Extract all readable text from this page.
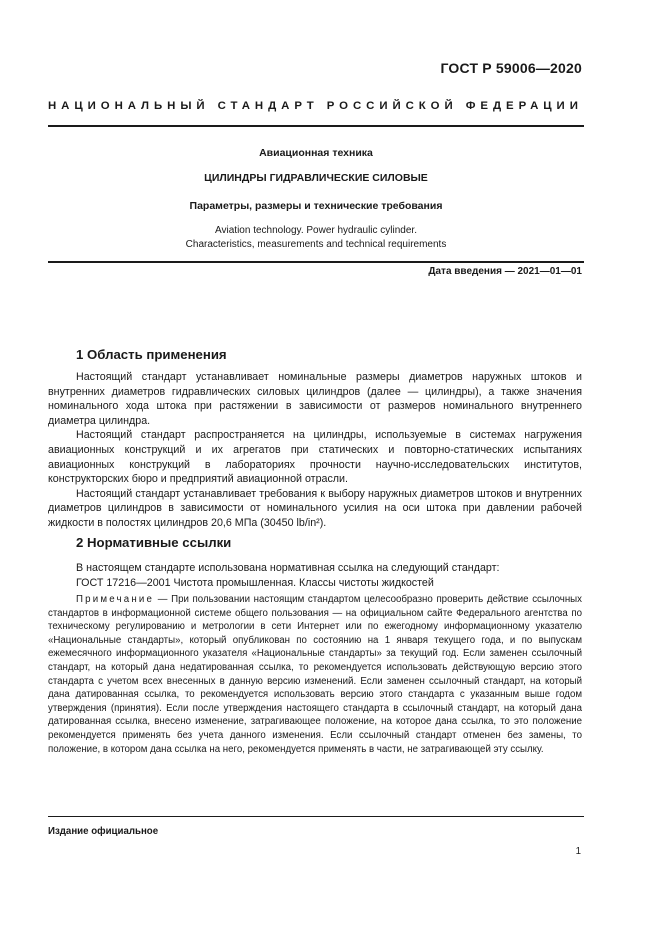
ГОСТ Р 59006—2020
НАЦИОНАЛЬНЫЙ СТАНДАРТ РОССИЙСКОЙ ФЕДЕРАЦИИ
Авиационная техника
ЦИЛИНДРЫ ГИДРАВЛИЧЕСКИЕ СИЛОВЫЕ
Параметры, размеры и технические требования
Aviation technology. Power hydraulic cylinder.
Characteristics, measurements and technical requirements
Дата введения — 2021—01—01
1 Область применения

Настоящий стандарт устанавливает номинальные размеры диаметров наружных штоков и внутренних диаметров гидравлических силовых цилиндров (далее — цилиндры), а также значения номинального хода штока при растяжении в зависимости от размеров номинального внутреннего диаметра цилиндра.

Настоящий стандарт распространяется на цилиндры, используемые в системах нагружения авиационных конструкций и их агрегатов при статических и повторно-статических испытаниях авиационных конструкций в лабораториях прочности научно-исследовательских институтов, конструкторских бюро и предприятий авиационной отрасли.

Настоящий стандарт устанавливает требования к выбору наружных диаметров штоков и внутренних диаметров цилиндров в зависимости от номинального усилия на оси штока при давлении рабочей жидкости в полостях цилиндров 20,6 МПа (30450 lb/in²).

2 Нормативные ссылки

В настоящем стандарте использована нормативная ссылка на следующий стандарт:

ГОСТ 17216—2001 Чистота промышленная. Классы чистоты жидкостей

Примечание — При пользовании настоящим стандартом целесообразно проверить действие ссылочных стандартов в информационной системе общего пользования — на официальном сайте Федерального агентства по техническому регулированию и метрологии в сети Интернет или по ежегодному информационному указателю «Национальные стандарты», который опубликован по состоянию на 1 января текущего года, и по выпускам ежемесячного информационного указателя «Национальные стандарты» за текущий год. Если заменен ссылочный стандарт, на который дана недатированная ссылка, то рекомендуется использовать действующую версию этого стандарта с учетом всех внесенных в данную версию изменений. Если заменен ссылочный стандарт, на который дана датированная ссылка, то рекомендуется использовать версию этого стандарта с указанным выше годом утверждения (принятия). Если после утверждения настоящего стандарта в ссылочный стандарт, на который дана датированная ссылка, внесено изменение, затрагивающее положение, на которое дана ссылка, то это положение рекомендуется применять без учета данного изменения. Если ссылочный стандарт отменен без замены, то положение, в котором дана ссылка на него, рекомендуется применять в части, не затрагивающей эту ссылку.

Издание официальное
1
